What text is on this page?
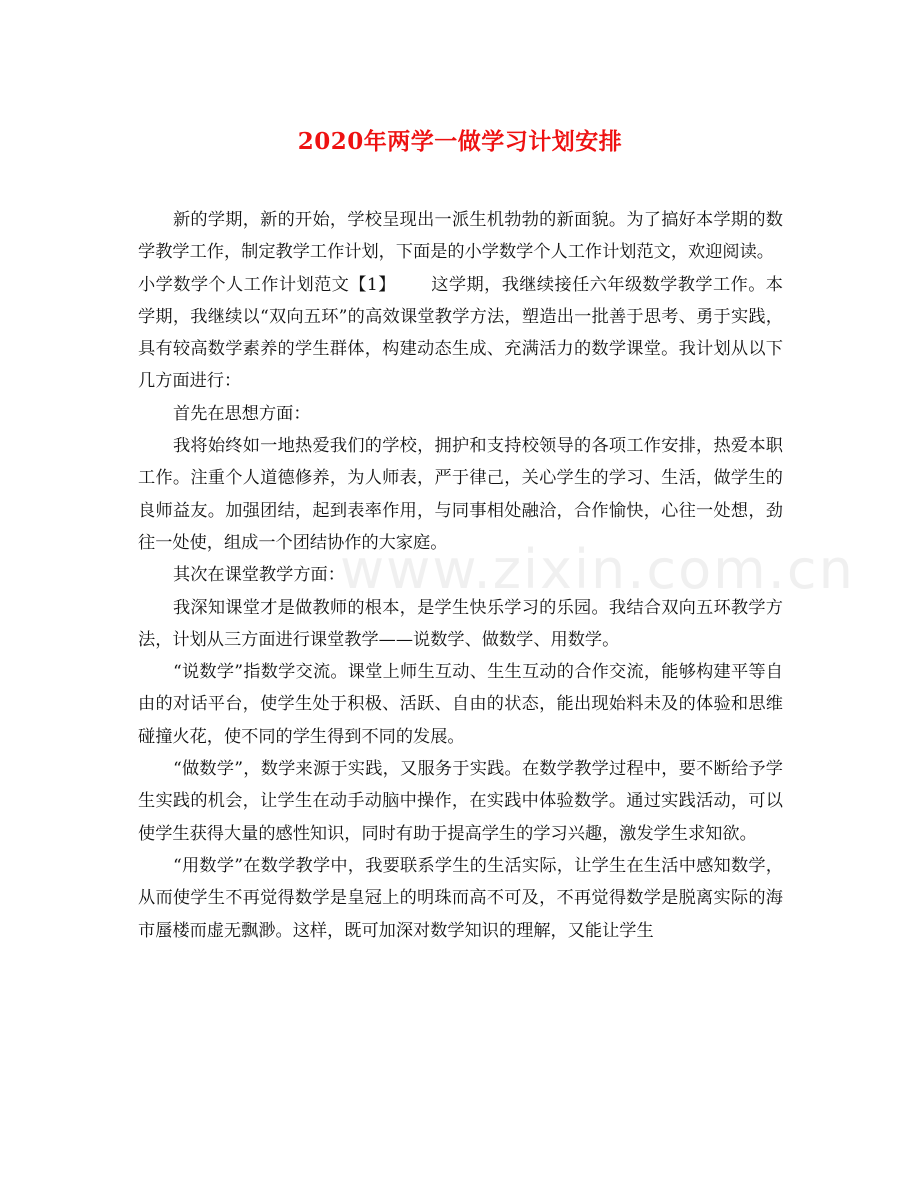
2020年两学一做学习计划安排
www.zixin.com.cn

新的学期，新的开始，学校呈现出一派生机勃勃的新面貌。为了搞好本学期的数学教学工作，制定教学工作计划，下面是的小学数学个人工作计划范文，欢迎阅读。

小学数学个人工作计划范文【1】 这学期，我继续接任六年级数学教学工作。本学期，我继续以“双向五环”的高效课堂教学方法，塑造出一批善于思考、勇于实践，具有较高数学素养的学生群体，构建动态生成、充满活力的数学课堂。我计划从以下几方面进行：

首先在思想方面：

我将始终如一地热爱我们的学校，拥护和支持校领导的各项工作安排，热爱本职工作。注重个人道德修养，为人师表，严于律己，关心学生的学习、生活，做学生的良师益友。加强团结，起到表率作用，与同事相处融洽，合作愉快，心往一处想，劲往一处使，组成一个团结协作的大家庭。

其次在课堂教学方面：

我深知课堂才是做教师的根本，是学生快乐学习的乐园。我结合双向五环教学方法，计划从三方面进行课堂教学——说数学、做数学、用数学。

“说数学”指数学交流。课堂上师生互动、生生互动的合作交流，能够构建平等自由的对话平台，使学生处于积极、活跃、自由的状态，能出现始料未及的体验和思维碰撞火花，使不同的学生得到不同的发展。

“做数学”，数学来源于实践，又服务于实践。在数学教学过程中，要不断给予学生实践的机会，让学生在动手动脑中操作，在实践中体验数学。通过实践活动，可以使学生获得大量的感性知识，同时有助于提高学生的学习兴趣，激发学生求知欲。

“用数学”在数学教学中，我要联系学生的生活实际，让学生在生活中感知数学，从而使学生不再觉得数学是皇冠上的明珠而高不可及，不再觉得数学是脱离实际的海市蜃楼而虚无飘渺。这样，既可加深对数学知识的理解，又能让学生
